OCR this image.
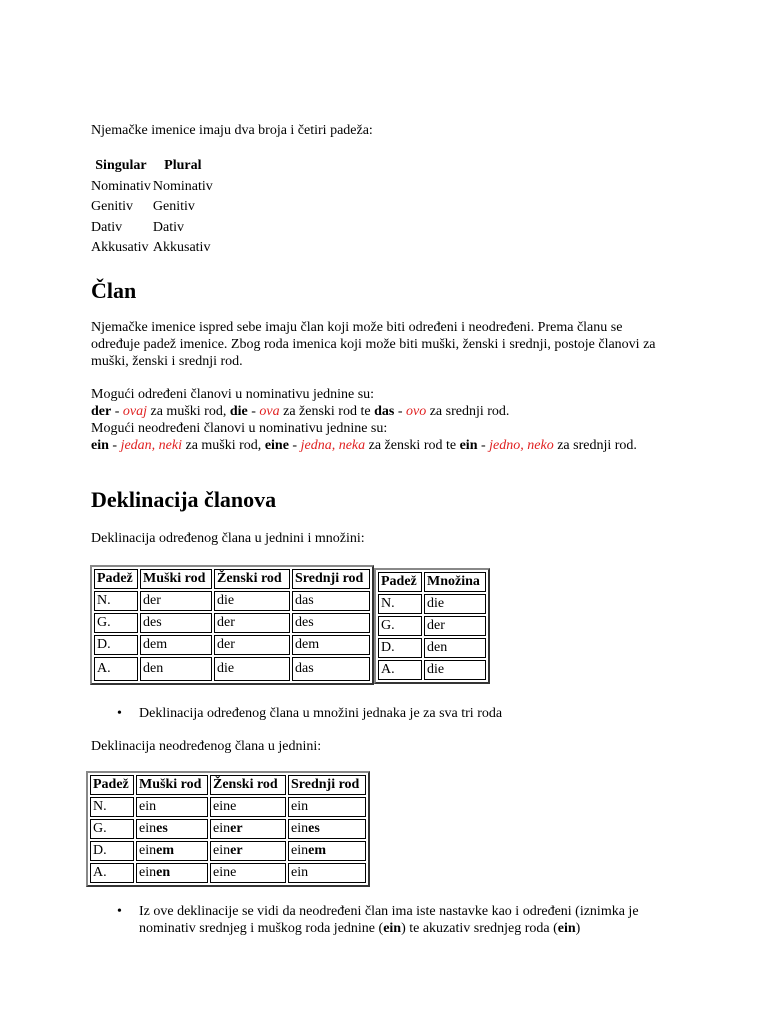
Njemačke imenice imaju dva broja i četiri padeža:

Singular	Plural
Nominativ	Nominativ
Genitiv	Genitiv
Dativ	Dativ
Akkusativ	Akkusativ
Član

Njemačke imenice ispred sebe imaju član koji može biti određeni i neodređeni. Prema članu se određuje padež imenice. Zbog roda imenica koji može biti muški, ženski i srednji, postoje članovi za muški, ženski i srednji rod.

Mogući određeni članovi u nominativu jednine su:
der - ovaj za muški rod, die - ova za ženski rod te das - ovo za srednji rod.
Mogući neodređeni članovi u nominativu jednine su:
ein - jedan, neki za muški rod, eine - jedna, neka za ženski rod te ein - jedno, neko za srednji rod.

Deklinacija članova

Deklinacija određenog člana u jednini i množini:

Padež	Muški rod	Ženski rod	Srednji rod
N.	der	die	das
G.	des	der	des
D.	dem	der	dem
A.	den	die	das
Padež	Množina
N.	die
G.	der
D.	den
A.	die
• Deklinacija određenog člana u množini jednaka je za sva tri roda

Deklinacija neodređenog člana u jednini:

Padež	Muški rod	Ženski rod	Srednji rod
N.	ein	eine	ein
G.	eines	einer	eines
D.	einem	einer	einem
A.	einen	eine	ein
• Iz ove deklinacije se vidi da neodređeni član ima iste nastavke kao i određeni (iznimka je nominativ srednjeg i muškog roda jednine (ein) te akuzativ srednjeg roda (ein)
